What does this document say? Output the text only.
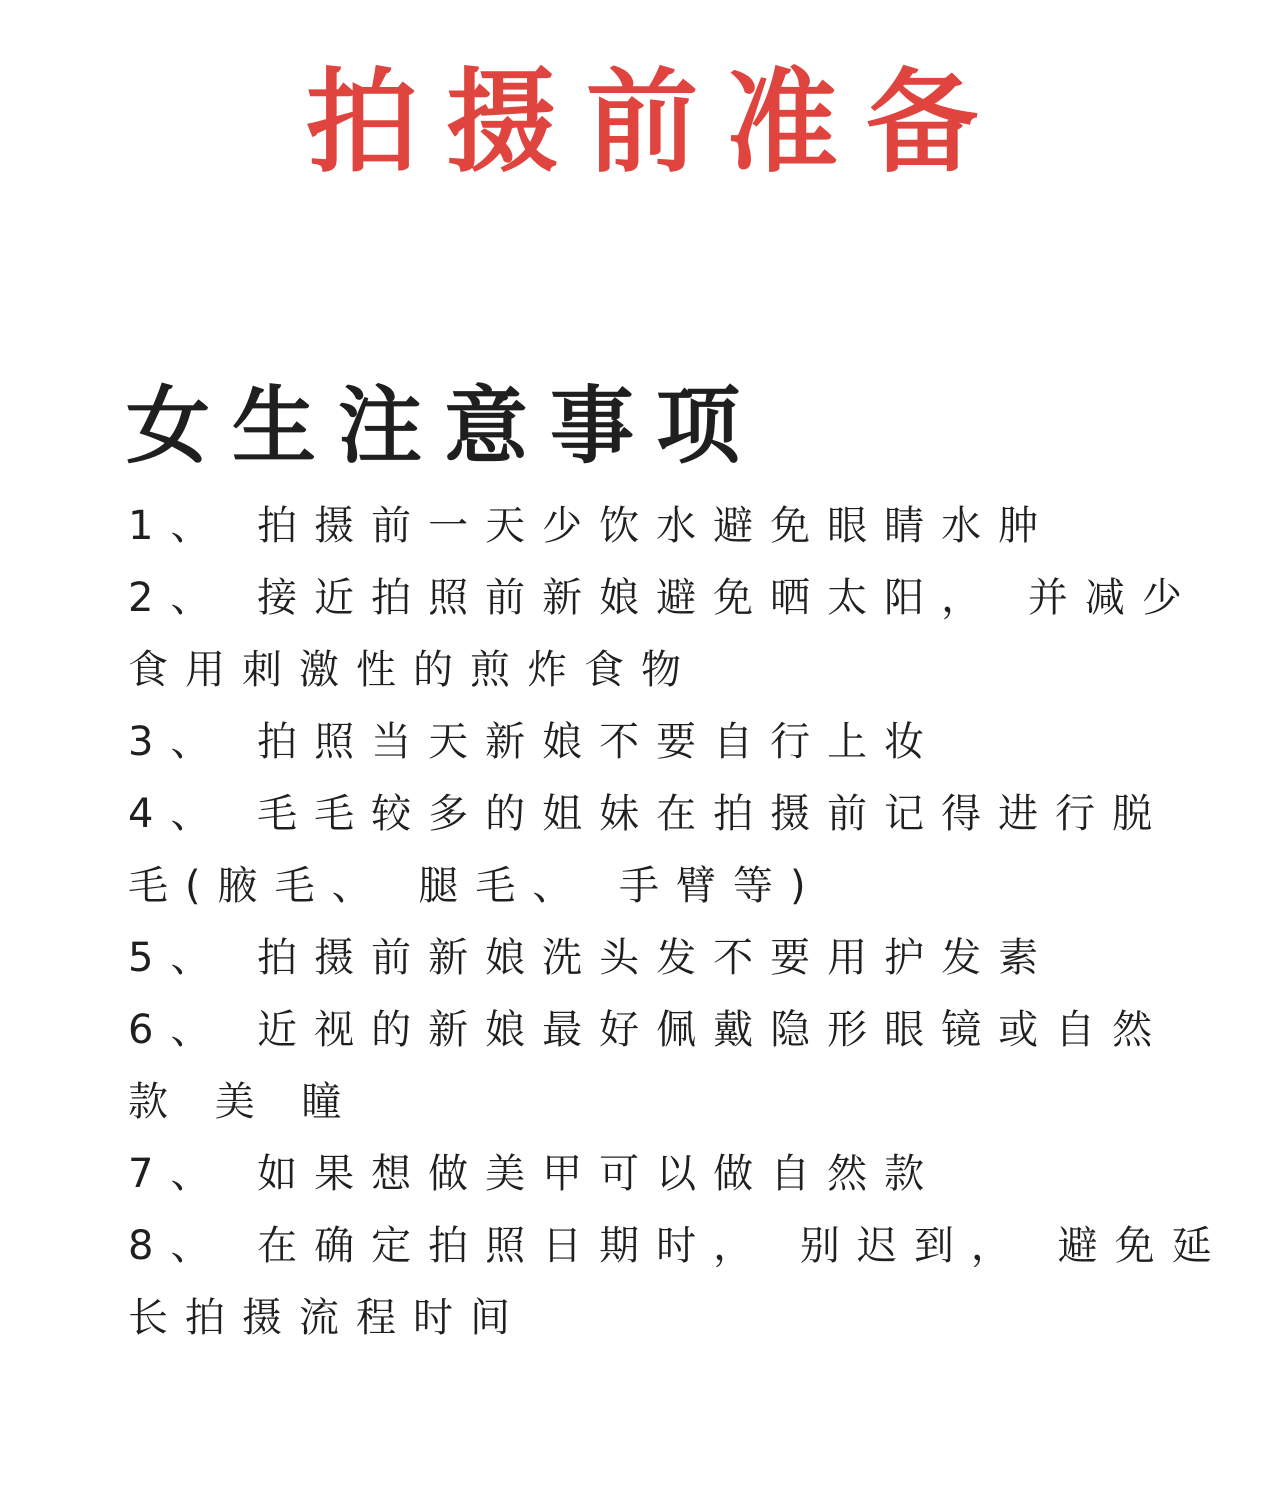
拍摄前准备
女生注意事项
1、 拍摄前一天少饮水避免眼睛水肿
2、 接近拍照前新娘避免晒太阳， 并减少
食用刺激性的煎炸食物
3、 拍照当天新娘不要自行上妆
4、 毛毛较多的姐妹在拍摄前记得进行脱
毛(腋毛、 腿毛、 手臂等)
5、 拍摄前新娘洗头发不要用护发素
6、 近视的新娘最好佩戴隐形眼镜或自然
款 美 瞳
7、 如果想做美甲可以做自然款
8、 在确定拍照日期时， 别迟到， 避免延
长拍摄流程时间
